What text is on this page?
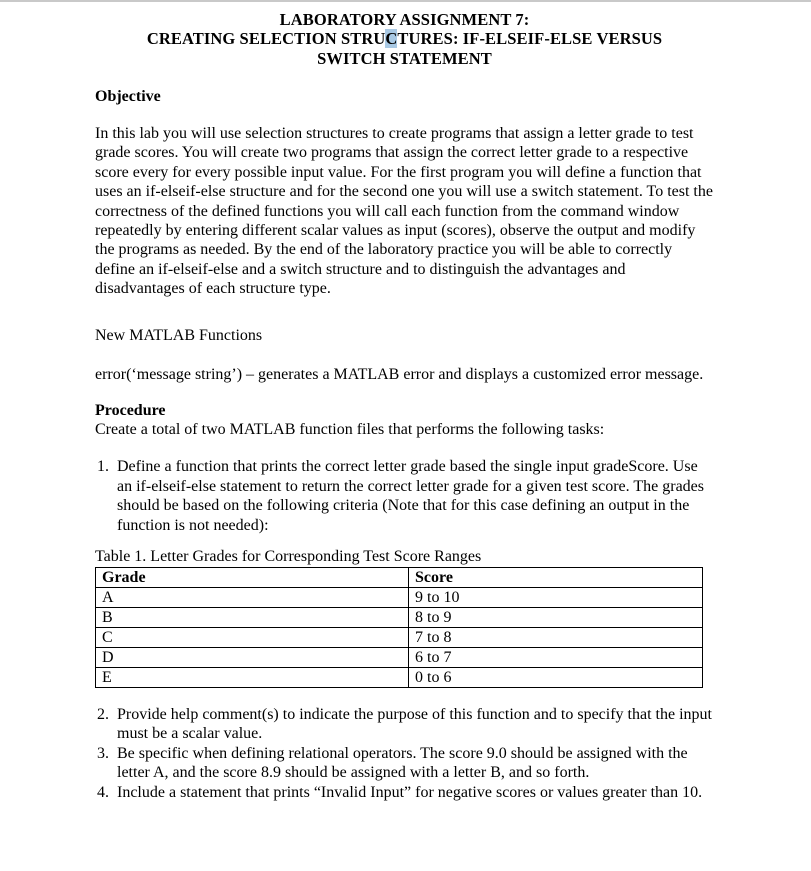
LABORATORY ASSIGNMENT 7:
CREATING SELECTION STRUCTURES: IF-ELSEIF-ELSE VERSUS
SWITCH STATEMENT
Objective

In this lab you will use selection structures to create programs that assign a letter grade to test grade scores. You will create two programs that assign the correct letter grade to a respective score every for every possible input value. For the first program you will define a function that uses an if-elseif-else structure and for the second one you will use a switch statement. To test the correctness of the defined functions you will call each function from the command window repeatedly by entering different scalar values as input (scores), observe the output and modify the programs as needed. By the end of the laboratory practice you will be able to correctly define an if-elseif-else and a switch structure and to distinguish the advantages and disadvantages of each structure type.

New MATLAB Functions

error(‘message string’) – generates a MATLAB error and displays a customized error message.

Procedure

Create a total of two MATLAB function files that performs the following tasks:

1. Define a function that prints the correct letter grade based the single input gradeScore. Use an if-elseif-else statement to return the correct letter grade for a given test score. The grades should be based on the following criteria (Note that for this case defining an output in the function is not needed):
Table 1. Letter Grades for Corresponding Test Score Ranges
Grade	Score
A	9 to 10
B	8 to 9
C	7 to 8
D	6 to 7
E	0 to 6
2. Provide help comment(s) to indicate the purpose of this function and to specify that the input must be a scalar value.
3. Be specific when defining relational operators. The score 9.0 should be assigned with the letter A, and the score 8.9 should be assigned with a letter B, and so forth.
4. Include a statement that prints “Invalid Input” for negative scores or values greater than 10.
